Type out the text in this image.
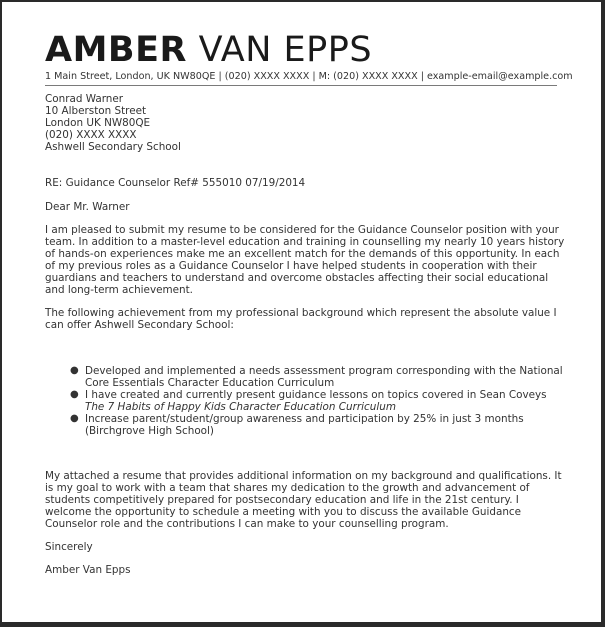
AMBER VAN EPPS
1 Main Street, London, UK NW80QE | (020) XXXX XXXX | M: (020) XXXX XXXX | example-email@example.com
Conrad Warner
10 Alberston Street
London UK NW80QE
(020) XXXX XXXX
Ashwell Secondary School
RE: Guidance Counselor Ref# 555010 07/19/2014
Dear Mr. Warner

I am pleased to submit my resume to be considered for the Guidance Counselor position with your team. In addition to a master-level education and training in counselling my nearly 10 years history of hands-on experiences make me an excellent match for the demands of this opportunity. In each of my previous roles as a Guidance Counselor I have helped students in cooperation with their guardians and teachers to understand and overcome obstacles affecting their social educational and long-term achievement.

The following achievement from my professional background which represent the absolute value I can offer Ashwell Secondary School:

● Developed and implemented a needs assessment program corresponding with the National Core Essentials Character Education Curriculum
● I have created and currently present guidance lessons on topics covered in Sean Coveys The 7 Habits of Happy Kids Character Education Curriculum
● Increase parent/student/group awareness and participation by 25% in just 3 months (Birchgrove High School)

My attached a resume that provides additional information on my background and qualifications. It is my goal to work with a team that shares my dedication to the growth and advancement of students competitively prepared for postsecondary education and life in the 21st century. I welcome the opportunity to schedule a meeting with you to discuss the available Guidance Counselor role and the contributions I can make to your counselling program.

Sincerely
Amber Van Epps
